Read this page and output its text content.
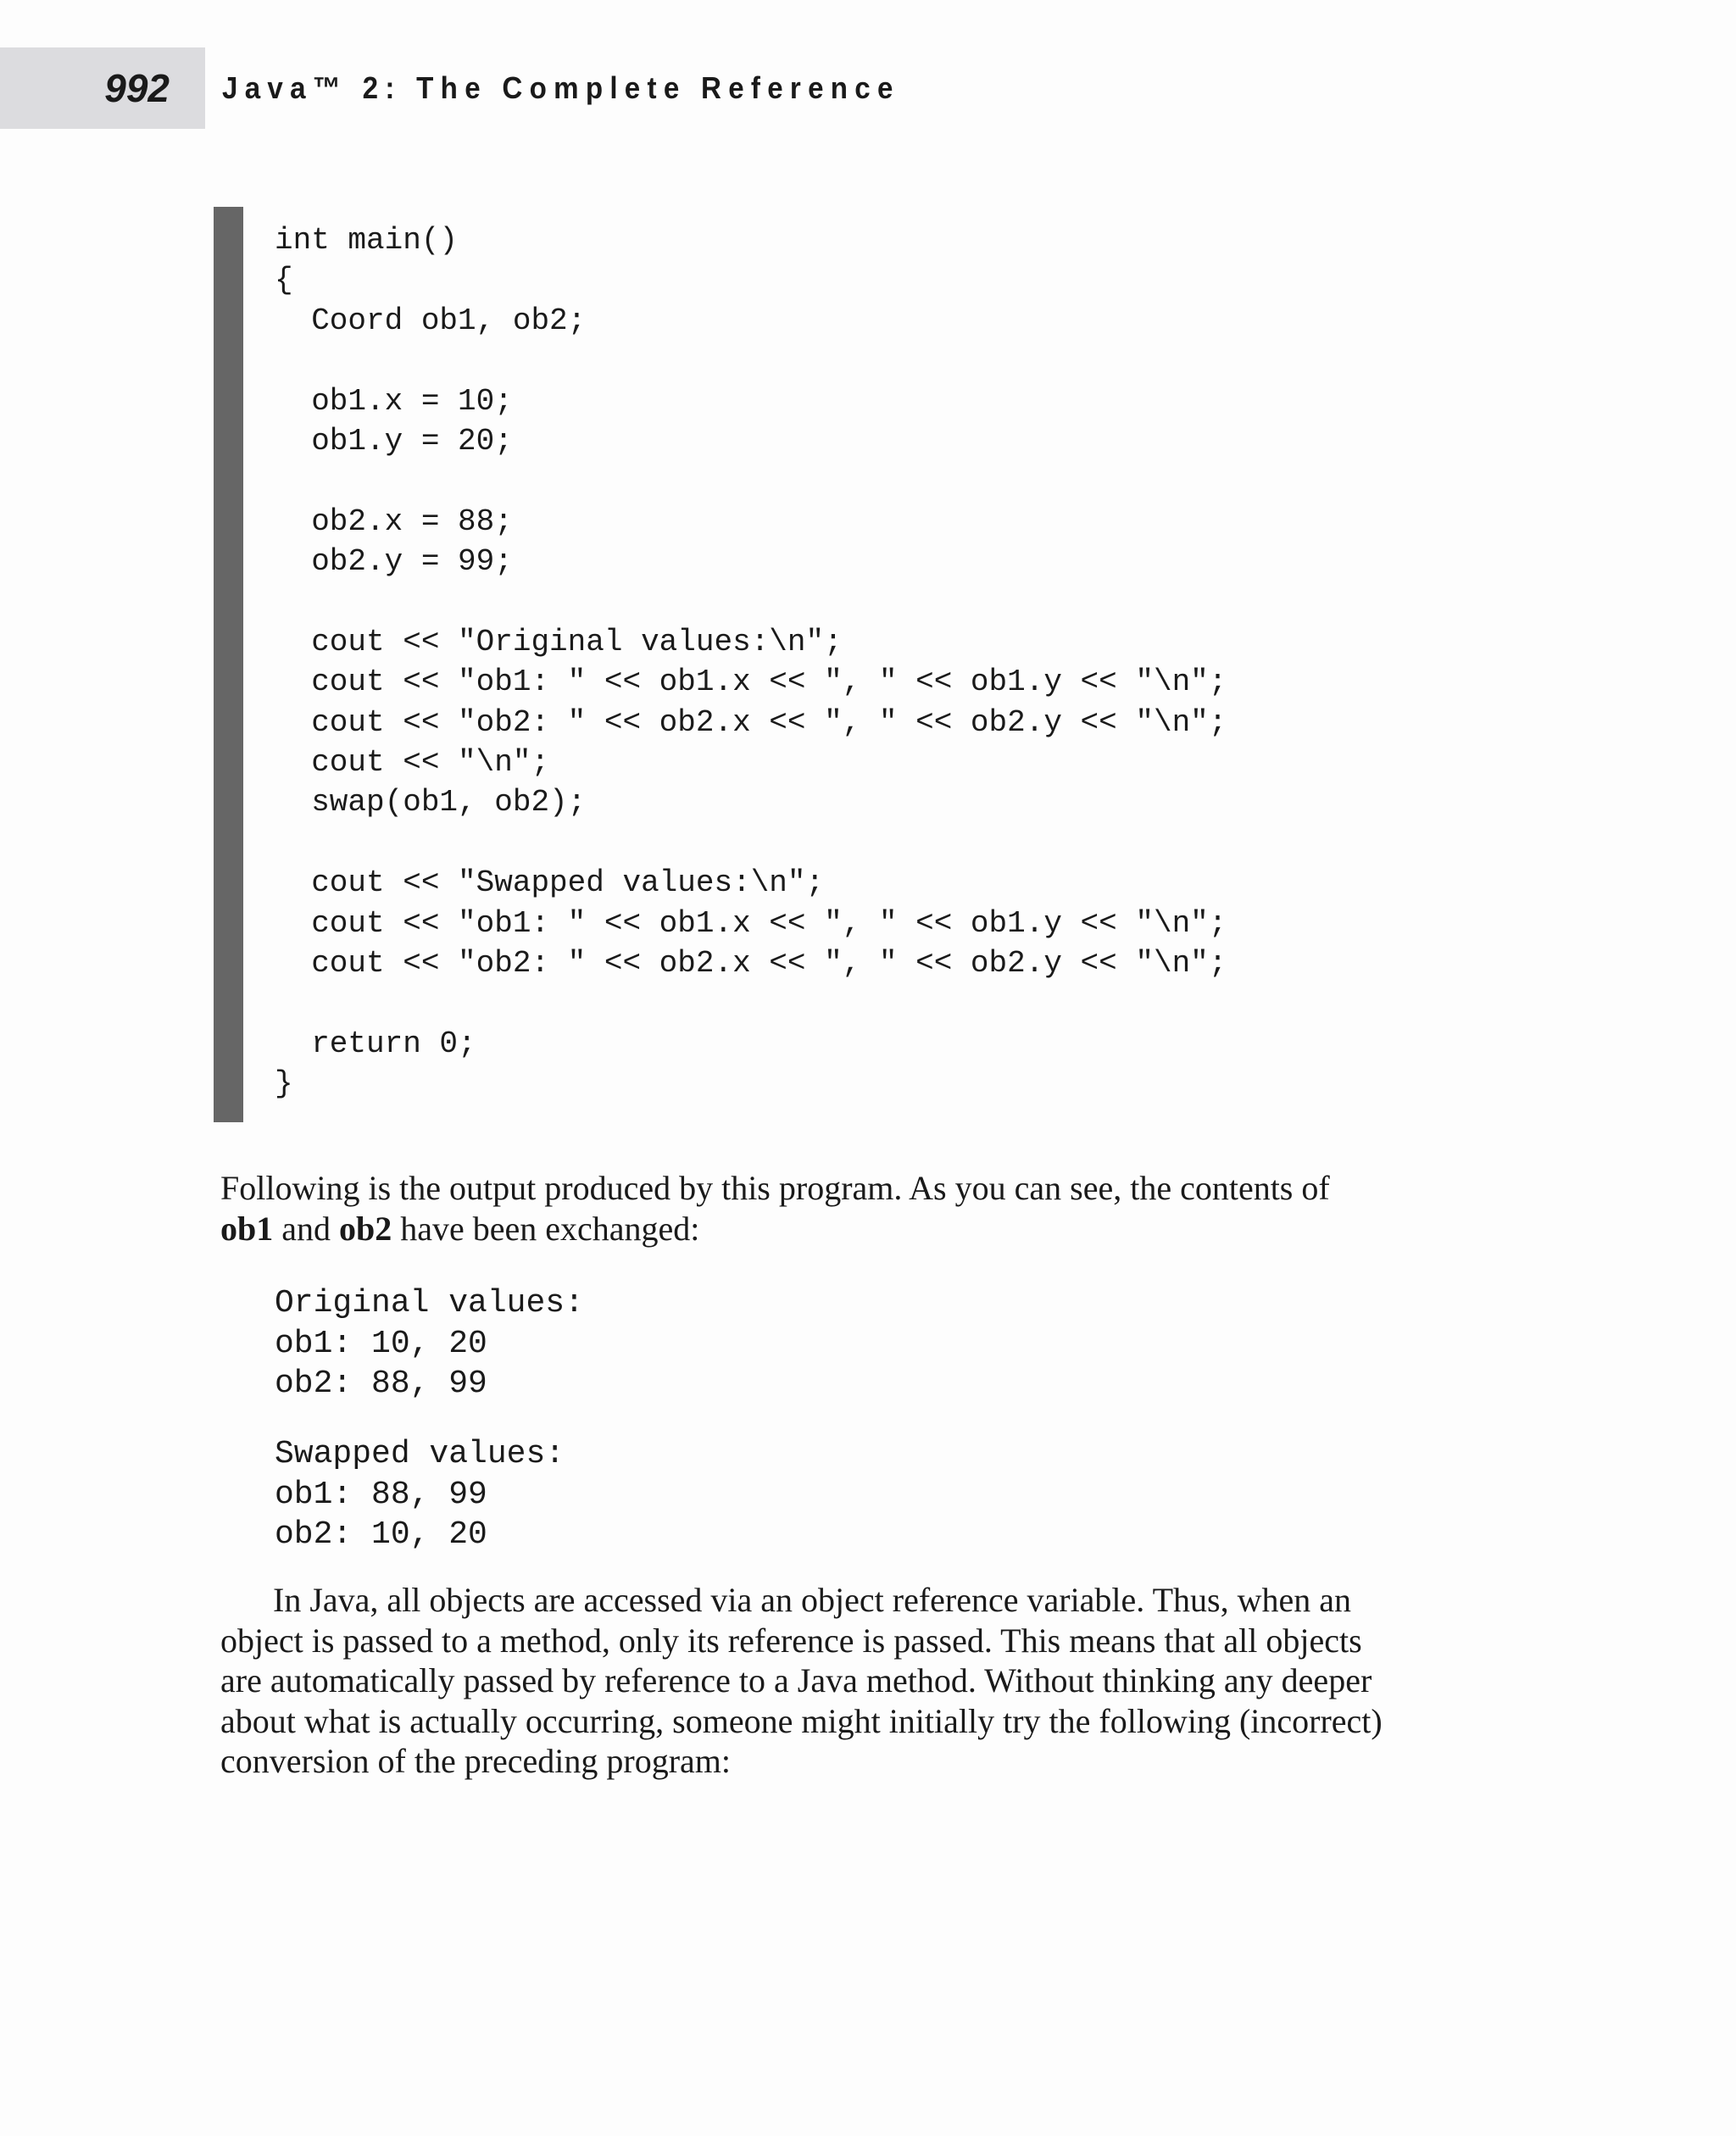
992 Java™ 2: The Complete Reference
int main()
{
Coord ob1, ob2;
ob1.x = 10;
ob1.y = 20;
ob2.x = 88;
ob2.y = 99;
cout << "Original values:\n";
cout << "ob1: " << ob1.x << ", " << ob1.y << "\n";
cout << "ob2: " << ob2.x << ", " << ob2.y << "\n";
cout << "\n";
swap(ob1, ob2);
cout << "Swapped values:\n";
cout << "ob1: " << ob1.x << ", " << ob1.y << "\n";
cout << "ob2: " << ob2.x << ", " << ob2.y << "\n";
return 0;
}
Following is the output produced by this program. As you can see, the contents of
ob1 and ob2 have been exchanged:
Original values:
ob1: 10, 20
ob2: 88, 99
Swapped values:
ob1: 88, 99
ob2: 10, 20
In Java, all objects are accessed via an object reference variable. Thus, when an
object is passed to a method, only its reference is passed. This means that all objects
are automatically passed by reference to a Java method. Without thinking any deeper
about what is actually occurring, someone might initially try the following (incorrect)
conversion of the preceding program:
